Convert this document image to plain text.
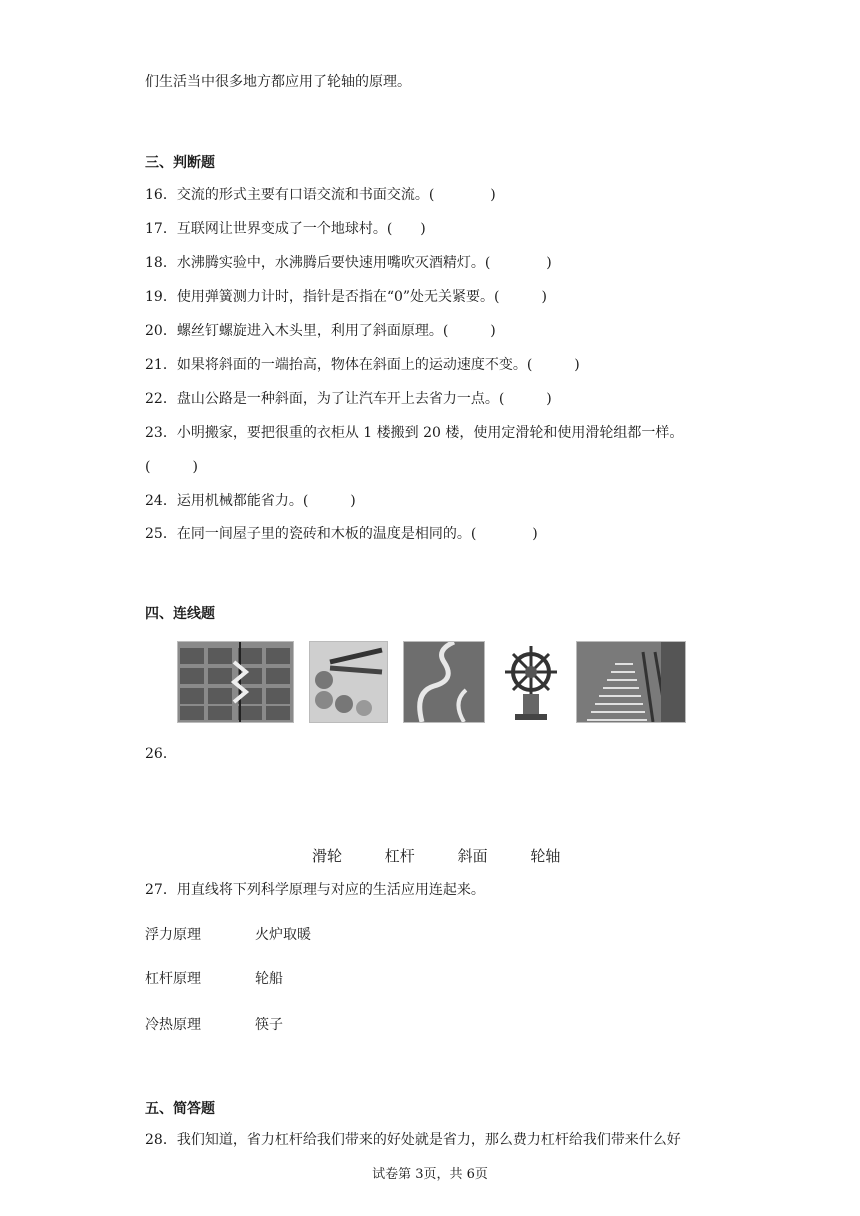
们生活当中很多地方都应用了轮轴的原理。
三、判断题
16．交流的形式主要有口语交流和书面交流。(　　　　)
17．互联网让世界变成了一个地球村。(　　)
18．水沸腾实验中，水沸腾后要快速用嘴吹灭酒精灯。(　　　　)
19．使用弹簧测力计时，指针是否指在“0”处无关紧要。(　　　)
20．螺丝钉螺旋进入木头里，利用了斜面原理。(　　　)
21．如果将斜面的一端抬高，物体在斜面上的运动速度不变。(　　　)
22．盘山公路是一种斜面，为了让汽车开上去省力一点。(　　　)
23．小明搬家，要把很重的衣柜从 1 楼搬到 20 楼，使用定滑轮和使用滑轮组都一样。
(　　　)
24．运用机械都能省力。(　　　)
25．在同一间屋子里的瓷砖和木板的温度是相同的。(　　　　)
四、连线题
26．
滑轮	杠杆	斜面	轮轴
27．用直线将下列科学原理与对应的生活应用连起来。
浮力原理	火炉取暖
杠杆原理	轮船
冷热原理	筷子
五、简答题
28．我们知道，省力杠杆给我们带来的好处就是省力，那么费力杠杆给我们带来什么好
试卷第 3页，共 6页
